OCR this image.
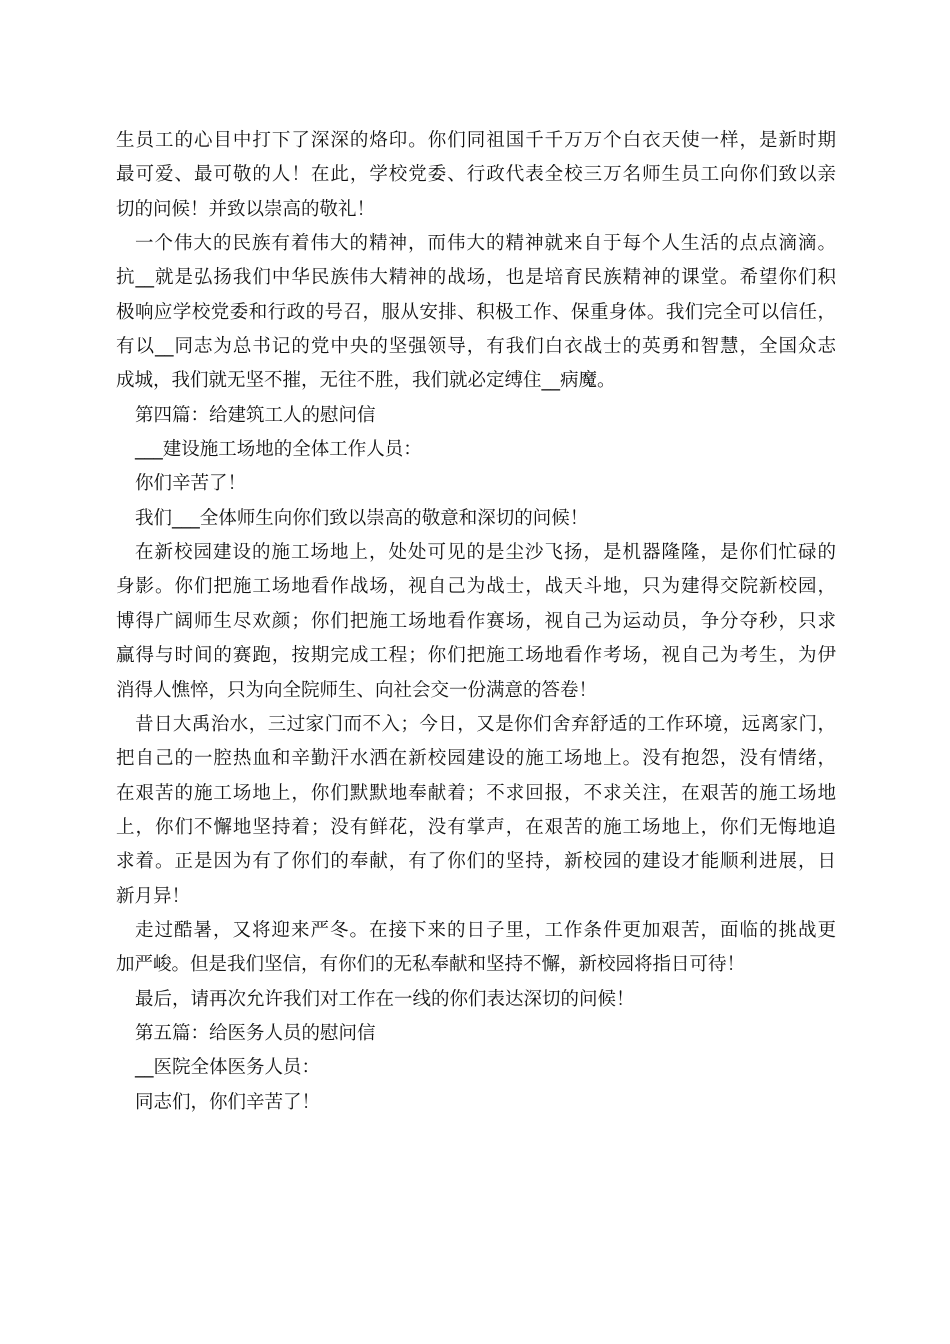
生员工的心目中打下了深深的烙印。你们同祖国千千万万个白衣天使一样，是新时期
最可爱、最可敬的人！在此，学校党委、行政代表全校三万名师生员工向你们致以亲
切的问候！并致以崇高的敬礼！
一个伟大的民族有着伟大的精神，而伟大的精神就来自于每个人生活的点点滴滴。
抗__就是弘扬我们中华民族伟大精神的战场，也是培育民族精神的课堂。希望你们积
极响应学校党委和行政的号召，服从安排、积极工作、保重身体。我们完全可以信任，
有以__同志为总书记的党中央的坚强领导，有我们白衣战士的英勇和智慧，全国众志
成城，我们就无坚不摧，无往不胜，我们就必定缚住__病魔。
第四篇：给建筑工人的慰问信
___建设施工场地的全体工作人员：
你们辛苦了！
我们___全体师生向你们致以崇高的敬意和深切的问候！
在新校园建设的施工场地上，处处可见的是尘沙飞扬，是机器隆隆，是你们忙碌的
身影。你们把施工场地看作战场，视自己为战士，战天斗地，只为建得交院新校园，
博得广阔师生尽欢颜；你们把施工场地看作赛场，视自己为运动员，争分夺秒，只求
赢得与时间的赛跑，按期完成工程；你们把施工场地看作考场，视自己为考生，为伊
消得人憔悴，只为向全院师生、向社会交一份满意的答卷！
昔日大禹治水，三过家门而不入；今日，又是你们舍弃舒适的工作环境，远离家门，
把自己的一腔热血和辛勤汗水洒在新校园建设的施工场地上。没有抱怨，没有情绪，
在艰苦的施工场地上，你们默默地奉献着；不求回报，不求关注，在艰苦的施工场地
上，你们不懈地坚持着；没有鲜花，没有掌声，在艰苦的施工场地上，你们无悔地追
求着。正是因为有了你们的奉献，有了你们的坚持，新校园的建设才能顺利进展，日
新月异！
走过酷暑，又将迎来严冬。在接下来的日子里，工作条件更加艰苦，面临的挑战更
加严峻。但是我们坚信，有你们的无私奉献和坚持不懈，新校园将指日可待！
最后，请再次允许我们对工作在一线的你们表达深切的问候！
第五篇：给医务人员的慰问信
__医院全体医务人员：
同志们，你们辛苦了！
